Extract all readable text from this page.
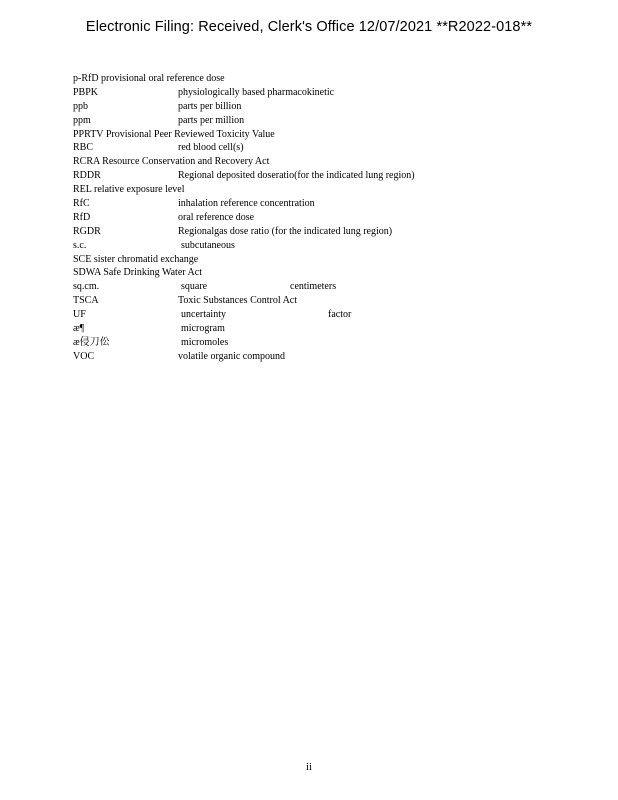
Electronic Filing: Received, Clerk's Office 12/07/2021 **R2022-018**
p-RfD provisional oral reference dose
PBPK	physiologically based pharmacokinetic
ppb	parts per billion
ppm	parts per million
PPRTV Provisional Peer Reviewed Toxicity Value
RBC	red blood cell(s)
RCRA Resource Conservation and Recovery Act
RDDR	Regional deposited doseratio(for the indicated lung region)
REL relative exposure level
RfC	inhalation reference concentration
RfD	oral reference dose
RGDR	Regionalgas dose ratio (for the indicated lung region)
s.c.	subcutaneous
SCE sister chromatid exchange
SDWA Safe Drinking Water Act
sq.cm.	square	centimeters
TSCA	Toxic Substances Control Act
UF	uncertainty	factor
æ¶	microgram
æ侵刀伀	micromoles
VOC	volatile organic compound
ii
